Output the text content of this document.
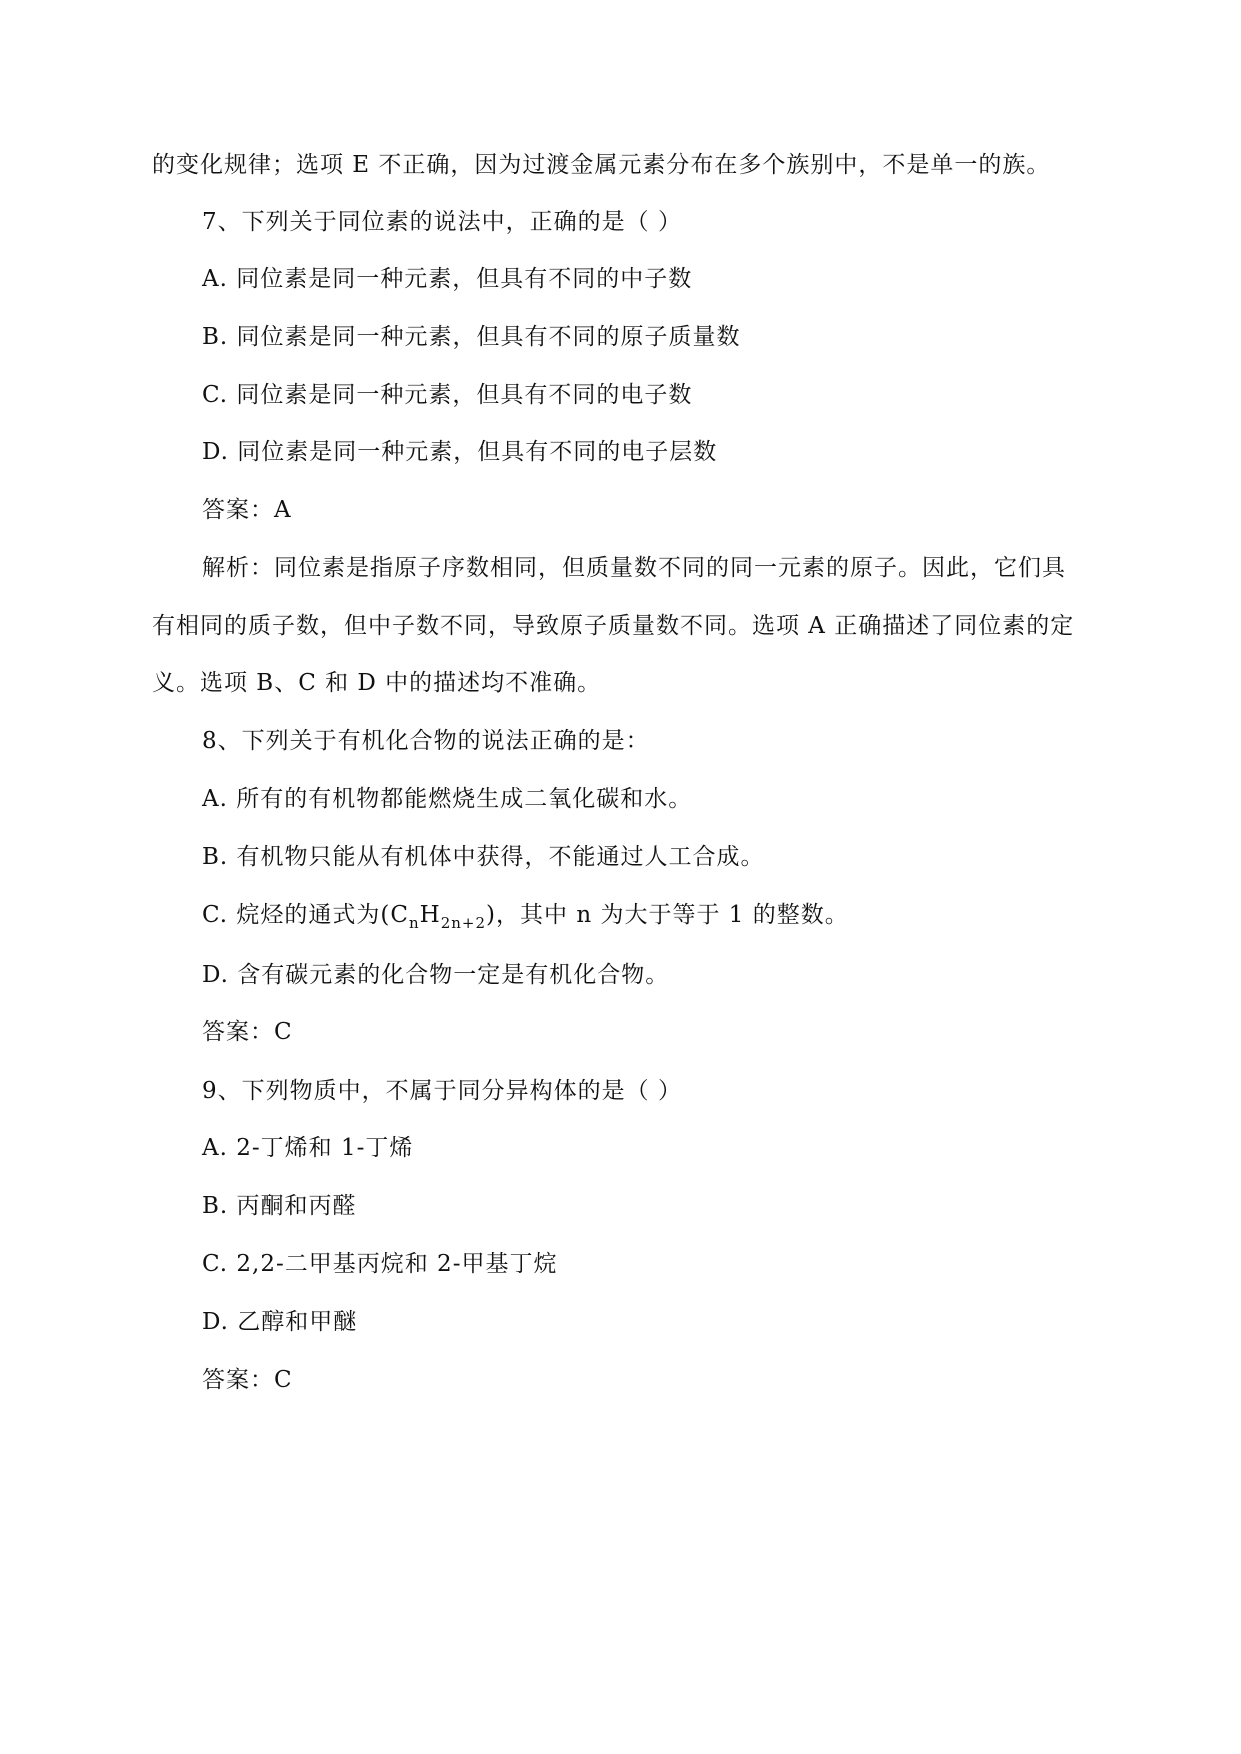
的变化规律；选项 E 不正确，因为过渡金属元素分布在多个族别中，不是单一的族。
7、下列关于同位素的说法中，正确的是（ ）
A. 同位素是同一种元素，但具有不同的中子数
B. 同位素是同一种元素，但具有不同的原子质量数
C. 同位素是同一种元素，但具有不同的电子数
D. 同位素是同一种元素，但具有不同的电子层数
答案：A
解析：同位素是指原子序数相同，但质量数不同的同一元素的原子。因此，它们具
有相同的质子数，但中子数不同，导致原子质量数不同。选项 A 正确描述了同位素的定
义。选项 B、C 和 D 中的描述均不准确。
8、下列关于有机化合物的说法正确的是：
A. 所有的有机物都能燃烧生成二氧化碳和水。
B. 有机物只能从有机体中获得，不能通过人工合成。
C. 烷烃的通式为$(C_nH_{2n+2})$，其中 n 为大于等于 1 的整数。
D. 含有碳元素的化合物一定是有机化合物。
答案：C
9、下列物质中，不属于同分异构体的是（ ）
A. 2-丁烯和 1-丁烯
B. 丙酮和丙醛
C. 2,2-二甲基丙烷和 2-甲基丁烷
D. 乙醇和甲醚
答案：C
